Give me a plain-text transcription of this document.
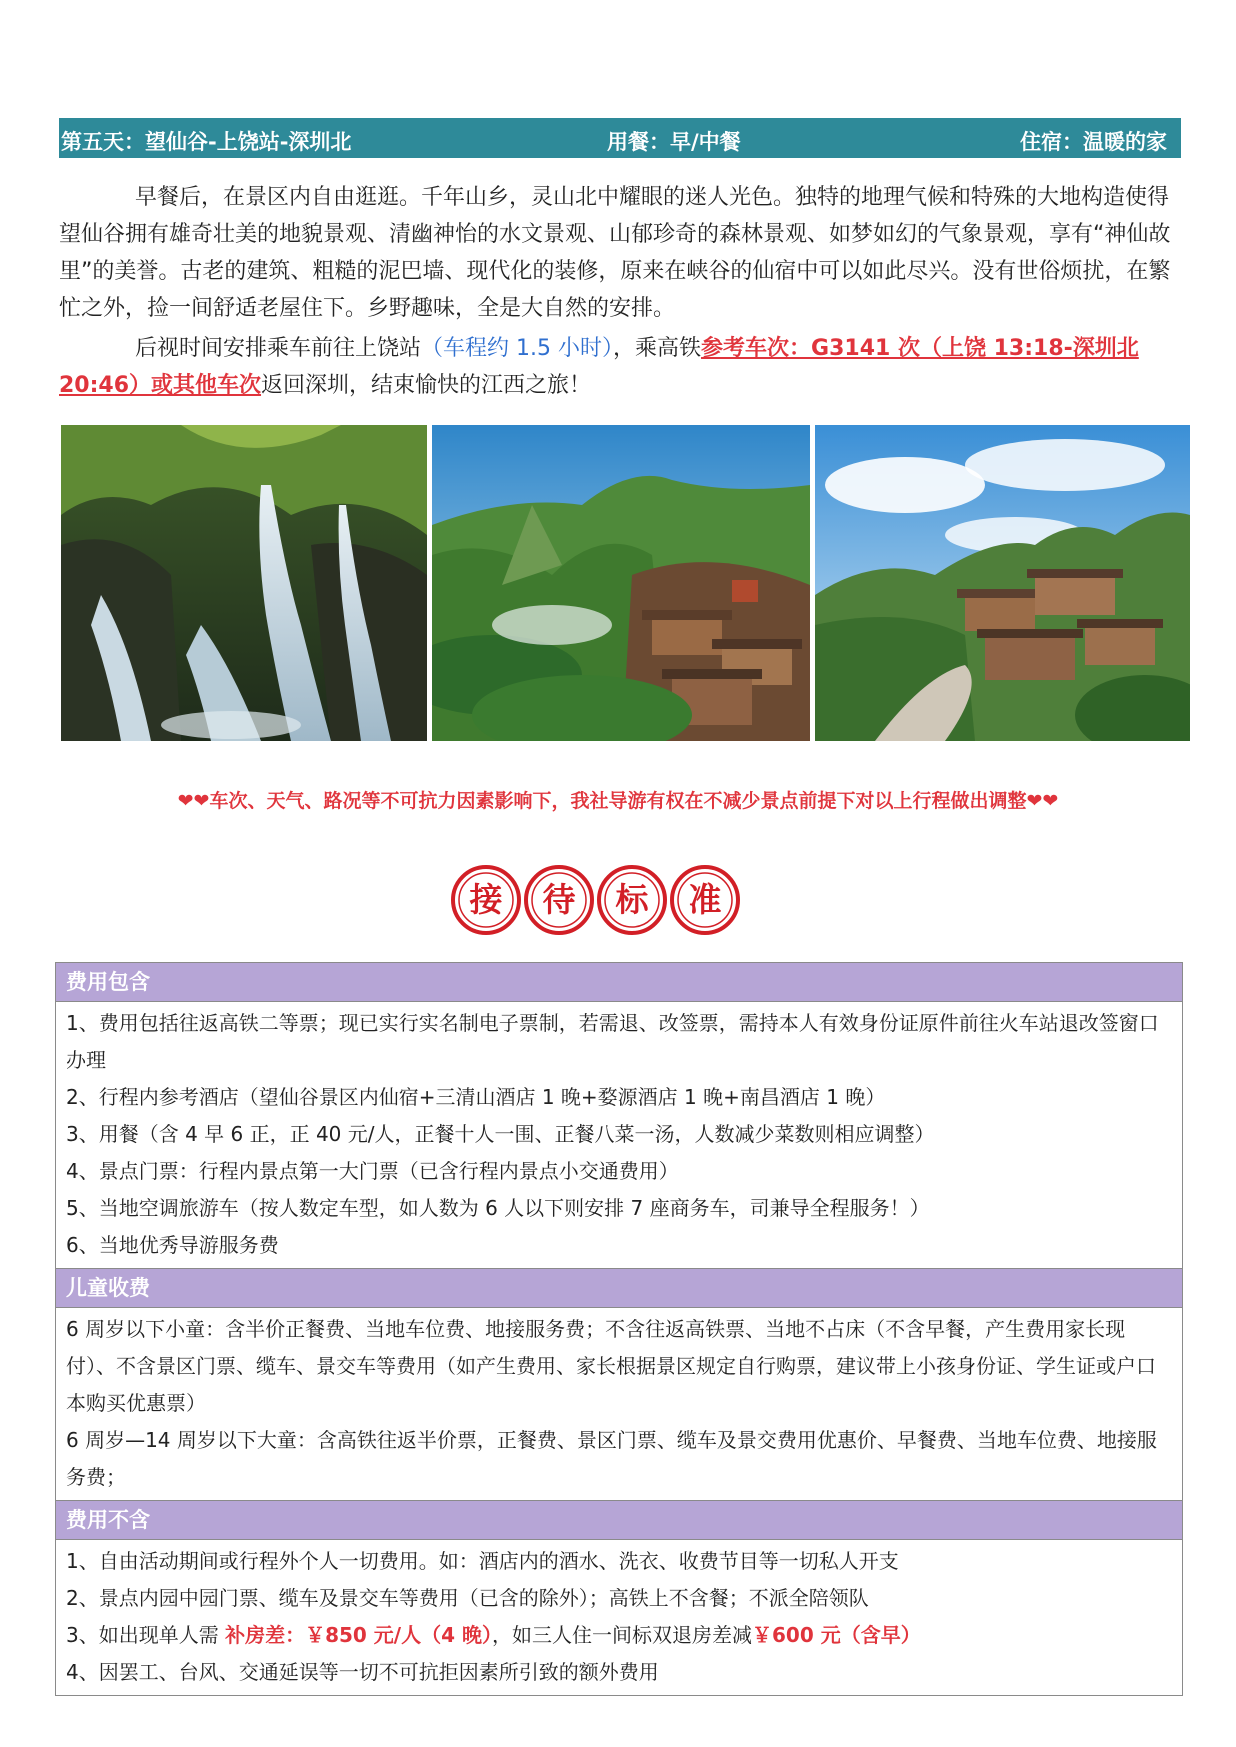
第五天：望仙谷-上饶站-深圳北	用餐：早/中餐	住宿：温暖的家

早餐后，在景区内自由逛逛。千年山乡，灵山北中耀眼的迷人光色。独特的地理气候和特殊的大地构造使得望仙谷拥有雄奇壮美的地貌景观、清幽神怡的水文景观、山郁珍奇的森林景观、如梦如幻的气象景观，享有“神仙故里”的美誉。古老的建筑、粗糙的泥巴墙、现代化的装修，原来在峡谷的仙宿中可以如此尽兴。没有世俗烦扰，在繁忙之外，捡一间舒适老屋住下。乡野趣味，全是大自然的安排。

后视时间安排乘车前往上饶站（车程约 1.5 小时），乘高铁参考车次：G3141 次（上饶 13:18-深圳北 20:46）或其他车次返回深圳，结束愉快的江西之旅！

❤❤车次、天气、路况等不可抗力因素影响下，我社导游有权在不减少景点前提下对以上行程做出调整❤❤
接	待	标	准
费用包含

1、费用包括往返高铁二等票；现已实行实名制电子票制，若需退、改签票，需持本人有效身份证原件前往火车站退改签窗口办理

2、行程内参考酒店（望仙谷景区内仙宿+三清山酒店 1 晚+婺源酒店 1 晚+南昌酒店 1 晚）

3、用餐（含 4 早 6 正，正 40 元/人，正餐十人一围、正餐八菜一汤，人数减少菜数则相应调整）

4、景点门票：行程内景点第一大门票（已含行程内景点小交通费用）

5、当地空调旅游车（按人数定车型，如人数为 6 人以下则安排 7 座商务车，司兼导全程服务！）

6、当地优秀导游服务费

儿童收费

6 周岁以下小童：含半价正餐费、当地车位费、地接服务费；不含往返高铁票、当地不占床（不含早餐，产生费用家长现付）、不含景区门票、缆车、景交车等费用（如产生费用、家长根据景区规定自行购票，建议带上小孩身份证、学生证或户口本购买优惠票）

6 周岁—14 周岁以下大童：含高铁往返半价票，正餐费、景区门票、缆车及景交费用优惠价、早餐费、当地车位费、地接服务费；

费用不含

1、自由活动期间或行程外个人一切费用。如：酒店内的酒水、洗衣、收费节目等一切私人开支

2、景点内园中园门票、缆车及景交车等费用（已含的除外）；高铁上不含餐；不派全陪领队

3、如出现单人需 补房差：￥850 元/人（4 晚），如三人住一间标双退房差减￥600 元（含早）

4、因罢工、台风、交通延误等一切不可抗拒因素所引致的额外费用
